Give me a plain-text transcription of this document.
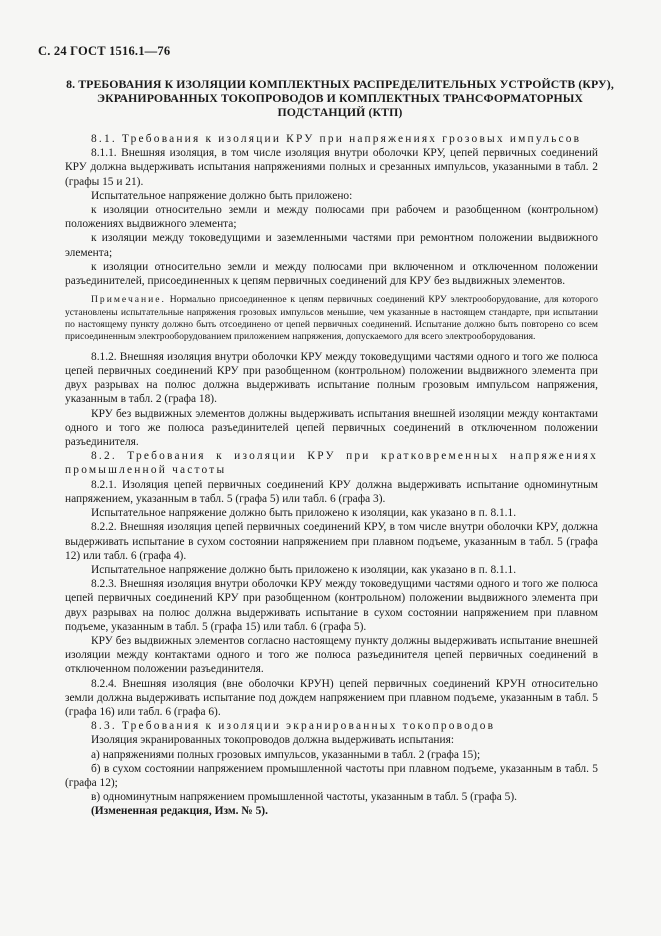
С. 24 ГОСТ 1516.1—76
8. ТРЕБОВАНИЯ К ИЗОЛЯЦИИ КОМПЛЕКТНЫХ РАСПРЕДЕЛИТЕЛЬНЫХ УСТРОЙСТВ (КРУ), ЭКРАНИРОВАННЫХ ТОКОПРОВОДОВ И КОМПЛЕКТНЫХ ТРАНСФОРМАТОРНЫХ ПОДСТАНЦИЙ (КТП)

8.1. Требования к изоляции КРУ при напряжениях грозовых импульсов

8.1.1. Внешняя изоляция, в том числе изоляция внутри оболочки КРУ, цепей первичных соединений КРУ должна выдерживать испытания напряжениями полных и срезанных импульсов, указанными в табл. 2 (графы 15 и 21).

Испытательное напряжение должно быть приложено:

к изоляции относительно земли и между полюсами при рабочем и разобщенном (контрольном) положениях выдвижного элемента;

к изоляции между токоведущими и заземленными частями при ремонтном положении выдвижного элемента;

к изоляции относительно земли и между полюсами при включенном и отключенном положении разъединителей, присоединенных к цепям первичных соединений для КРУ без выдвижных элементов.

Примечание. Нормально присоединенное к цепям первичных соединений КРУ электрооборудование, для которого установлены испытательные напряжения грозовых импульсов меньшие, чем указанные в настоящем стандарте, при испытании по настоящему пункту должно быть отсоединено от цепей первичных соединений. Испытание должно быть повторено со всем присоединенным электрооборудованием приложением напряжения, допускаемого для всего электрооборудования.

8.1.2. Внешняя изоляция внутри оболочки КРУ между токоведущими частями одного и того же полюса цепей первичных соединений КРУ при разобщенном (контрольном) положении выдвижного элемента при двух разрывах на полюс должна выдерживать испытание полным грозовым импульсом напряжения, указанным в табл. 2 (графа 18).

КРУ без выдвижных элементов должны выдерживать испытания внешней изоляции между контактами одного и того же полюса разъединителей цепей первичных соединений в отключенном положении разъединителя.

8.2. Требования к изоляции КРУ при кратковременных напряжениях промышленной частоты

8.2.1. Изоляция цепей первичных соединений КРУ должна выдерживать испытание одноминутным напряжением, указанным в табл. 5 (графа 5) или табл. 6 (графа 3).

Испытательное напряжение должно быть приложено к изоляции, как указано в п. 8.1.1.

8.2.2. Внешняя изоляция цепей первичных соединений КРУ, в том числе внутри оболочки КРУ, должна выдерживать испытание в сухом состоянии напряжением при плавном подъеме, указанным в табл. 5 (графа 12) или табл. 6 (графа 4).

Испытательное напряжение должно быть приложено к изоляции, как указано в п. 8.1.1.

8.2.3. Внешняя изоляция внутри оболочки КРУ между токоведущими частями одного и того же полюса цепей первичных соединений КРУ при разобщенном (контрольном) положении выдвижного элемента при двух разрывах на полюс должна выдерживать испытание в сухом состоянии напряжением при плавном подъеме, указанным в табл. 5 (графа 15) или табл. 6 (графа 5).

КРУ без выдвижных элементов согласно настоящему пункту должны выдерживать испытание внешней изоляции между контактами одного и того же полюса разъединителя цепей первичных соединений в отключенном положении разъединителя.

8.2.4. Внешняя изоляция (вне оболочки КРУН) цепей первичных соединений КРУН относительно земли должна выдерживать испытание под дождем напряжением при плавном подъеме, указанным в табл. 5 (графа 16) или табл. 6 (графа 6).

8.3. Требования к изоляции экранированных токопроводов

Изоляция экранированных токопроводов должна выдерживать испытания:

а) напряжениями полных грозовых импульсов, указанными в табл. 2 (графа 15);

б) в сухом состоянии напряжением промышленной частоты при плавном подъеме, указанным в табл. 5 (графа 12);

в) одноминутным напряжением промышленной частоты, указанным в табл. 5 (графа 5).

(Измененная редакция, Изм. № 5).
